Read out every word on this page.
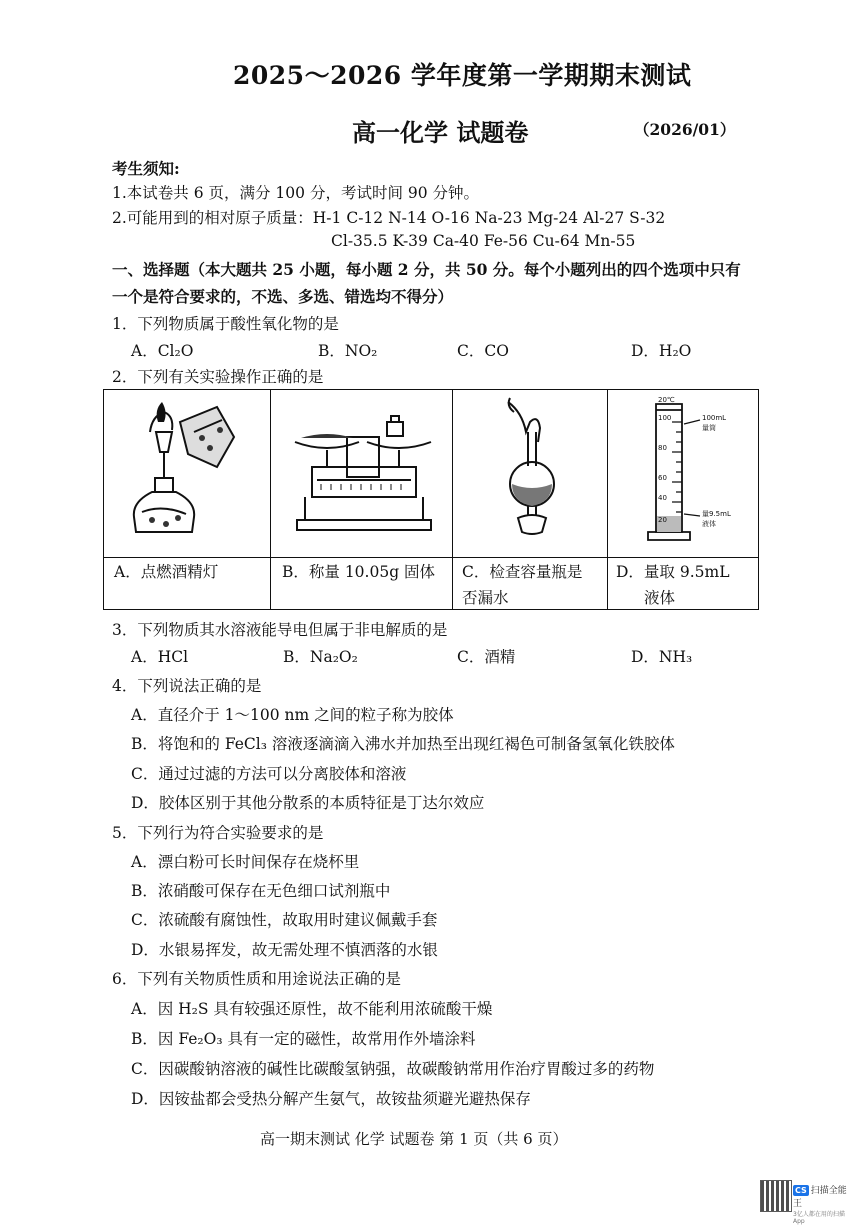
2025～2026 学年度第一学期期末测试
高一化学 试题卷	（2026/01）
考生须知:
1.本试卷共 6 页，满分 100 分，考试时间 90 分钟。
2.可能用到的相对原子质量：H-1 C-12 N-14 O-16 Na-23 Mg-24 Al-27 S-32
Cl-35.5 K-39 Ca-40 Fe-56 Cu-64 Mn-55
一、选择题（本大题共 25 小题，每小题 2 分，共 50 分。每个小题列出的四个选项中只有
一个是符合要求的，不选、多选、错选均不得分）
1．下列物质属于酸性氧化物的是
A．Cl₂O	B．NO₂	C．CO	D．H₂O
2．下列有关实验操作正确的是
20℃
100
80
60
40
20
100mL
量筒
量9.5mL
液体
A．点燃酒精灯	B．称量 10.05g 固体 C．检查容量瓶是
否漏水
D．量取 9.5mL
液体
3．下列物质其水溶液能导电但属于非电解质的是
A．HCl	B．Na₂O₂	C．酒精	D．NH₃
4．下列说法正确的是
A．直径介于 1～100 nm 之间的粒子称为胶体
B．将饱和的 FeCl₃ 溶液逐滴滴入沸水并加热至出现红褐色可制备氢氧化铁胶体
C．通过过滤的方法可以分离胶体和溶液
D．胶体区别于其他分散系的本质特征是丁达尔效应
5．下列行为符合实验要求的是
A．漂白粉可长时间保存在烧杯里
B．浓硝酸可保存在无色细口试剂瓶中
C．浓硫酸有腐蚀性，故取用时建议佩戴手套
D．水银易挥发，故无需处理不慎洒落的水银
6．下列有关物质性质和用途说法正确的是
A．因 H₂S 具有较强还原性，故不能利用浓硫酸干燥
B．因 Fe₂O₃ 具有一定的磁性，故常用作外墙涂料
C．因碳酸钠溶液的碱性比碳酸氢钠强，故碳酸钠常用作治疗胃酸过多的药物
D．因铵盐都会受热分解产生氨气，故铵盐须避光避热保存
高一期末测试 化学 试题卷 第 1 页（共 6 页）
CS 扫描全能王
3亿人都在用的扫描App
